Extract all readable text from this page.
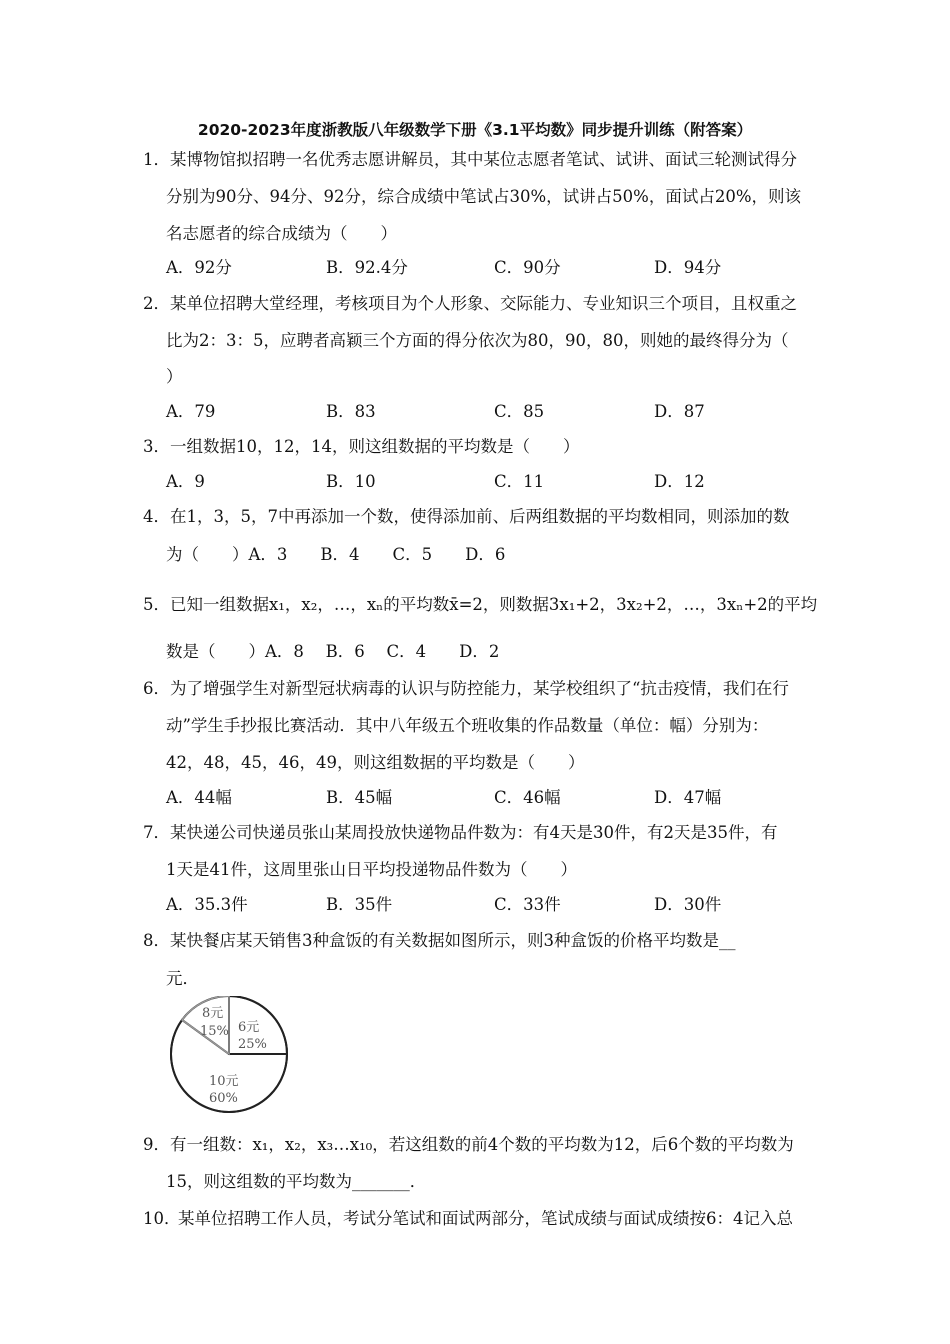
2020-2023年度浙教版八年级数学下册《3.1平均数》同步提升训练（附答案）
1． 某博物馆拟招聘一名优秀志愿讲解员，其中某位志愿者笔试、试讲、面试三轮测试得分
分别为90分、94分、92分，综合成绩中笔试占30%，试讲占50%，面试占20%，则该
名志愿者的综合成绩为（　　）
A．92分	B．92.4分	C．90分	D．94分
2． 某单位招聘大堂经理，考核项目为个人形象、交际能力、专业知识三个项目，且权重之
比为2：3：5，应聘者高颖三个方面的得分依次为80，90，80，则她的最终得分为（
）
A．79	B．83	C．85	D．87
3． 一组数据10，12，14，则这组数据的平均数是（　　）
A．9	B．10	C．11	D．12
4． 在1，3，5，7中再添加一个数，使得添加前、后两组数据的平均数相同，则添加的数
为（　　）A．3　　B．4　　C．5　　D．6
5． 已知一组数据x₁，x₂，…，xₙ的平均数x̄=2，则数据3x₁+2，3x₂+2，…，3xₙ+2的平均
数是（　　）A．8　 B．6　 C．4　　D．2
6． 为了增强学生对新型冠状病毒的认识与防控能力，某学校组织了“抗击疫情，我们在行
动”学生手抄报比赛活动．其中八年级五个班收集的作品数量（单位：幅）分别为：
42，48，45，46，49，则这组数据的平均数是（　　）
A．44幅	B．45幅	C．46幅	D．47幅
7． 某快递公司快递员张山某周投放快递物品件数为：有4天是30件，有2天是35件，有
1天是41件，这周里张山日平均投递物品件数为（　　）
A．35.3件	B．35件	C．33件	D．30件
8． 某快餐店某天销售3种盒饭的有关数据如图所示，则3种盒饭的价格平均数是__
元．
6元
25%
10元
60%
8元
15%
9． 有一组数：x₁，x₂，x₃…x₁₀，若这组数的前4个数的平均数为12，后6个数的平均数为
15，则这组数的平均数为_______．
10．
某单位招聘工作人员，考试分笔试和面试两部分，笔试成绩与面试成绩按6：4记入总
